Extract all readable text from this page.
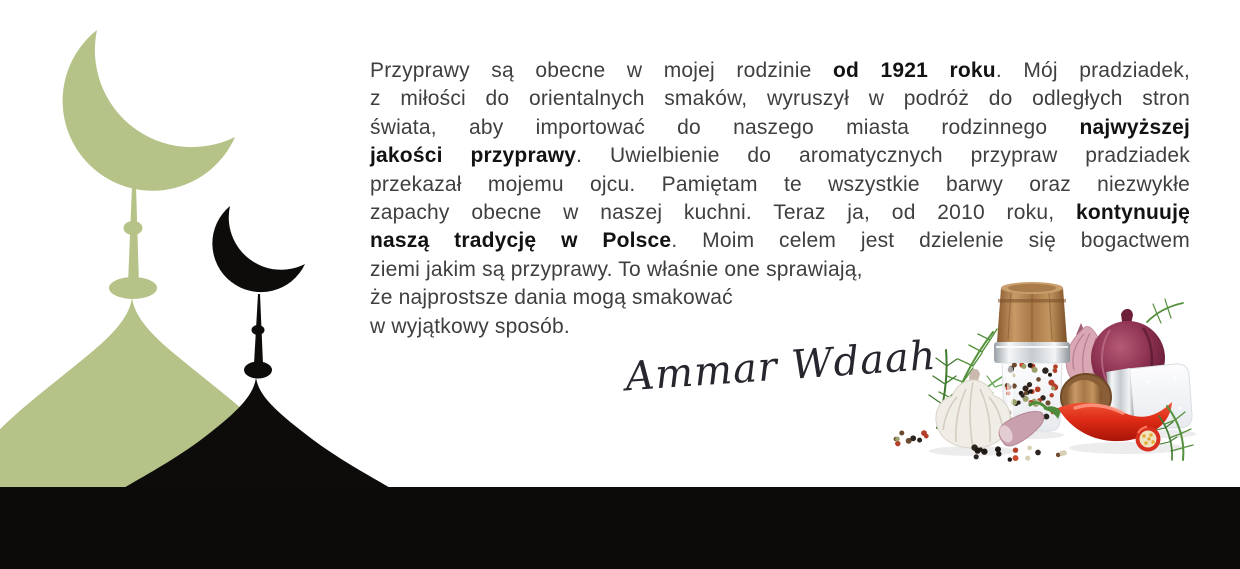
Przyprawy są obecne w mojej rodzinie od 1921 roku. Mój pradziadek,
z miłości do orientalnych smaków, wyruszył w podróż do odległych stron
świata, aby importować do naszego miasta rodzinnego najwyższej
jakości przyprawy. Uwielbienie do aromatycznych przypraw pradziadek
przekazał mojemu ojcu. Pamiętam te wszystkie barwy oraz niezwykłe
zapachy obecne w naszej kuchni. Teraz ja, od 2010 roku, kontynuuję
naszą tradycję w Polsce. Moim celem jest dzielenie się bogactwem
ziemi jakim są przyprawy. To właśnie one sprawiają,
że najprostsze dania mogą smakować
w wyjątkowy sposób.
Ammar Wdaah
